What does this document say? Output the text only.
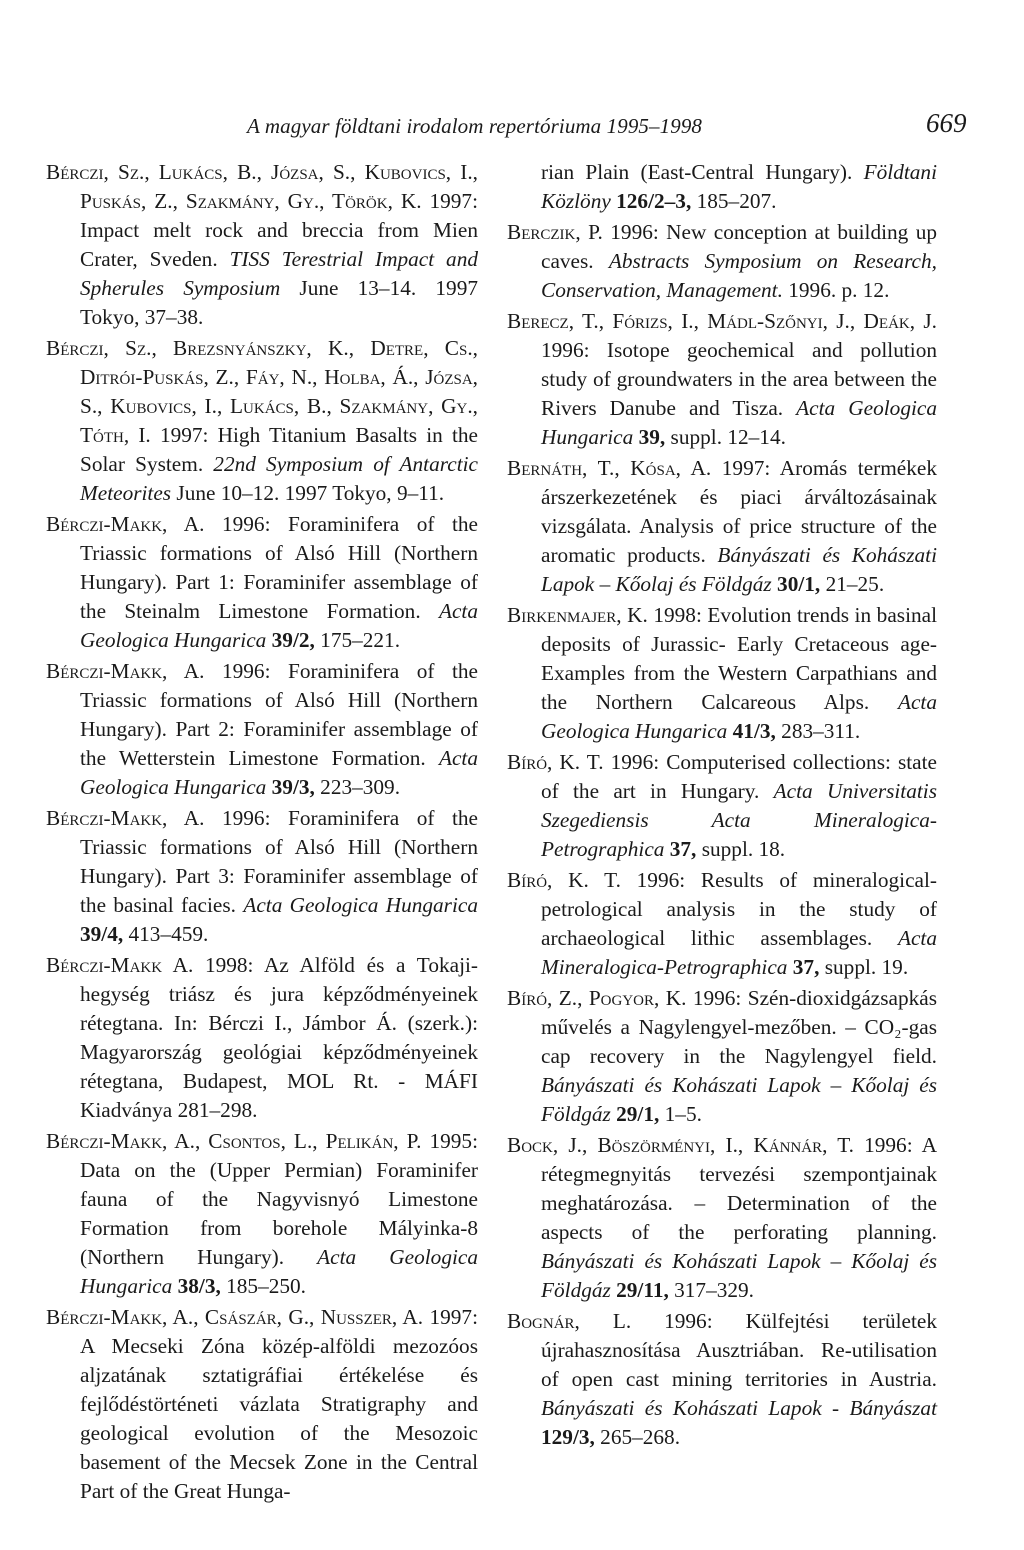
A magyar földtani irodalom repertóriuma 1995–1998	669

Bérczi, Sz., Lukács, B., Józsa, S., Kubovics, I., Puskás, Z., Szakmány, Gy., Török, K. 1997: Impact melt rock and breccia from Mien Crater, Sveden. TISS Terestrial Impact and Spherules Symposium June 13–14. 1997 Tokyo, 37–38.

Bérczi, Sz., Brezsnyánszky, K., Detre, Cs., Ditrói-Puskás, Z., Fáy, N., Holba, Á., Józsa, S., Kubovics, I., Lukács, B., Szakmány, Gy., Tóth, I. 1997: High Titanium Basalts in the Solar System. 22nd Symposium of Antarctic Meteorites June 10–12. 1997 Tokyo, 9–11.

Bérczi-Makk, A. 1996: Foraminifera of the Triassic formations of Alsó Hill (Northern Hungary). Part 1: Foraminifer assemblage of the Steinalm Limestone Formation. Acta Geologica Hungarica 39/2, 175–221.

Bérczi-Makk, A. 1996: Foraminifera of the Triassic formations of Alsó Hill (Northern Hungary). Part 2: Foraminifer assemblage of the Wetterstein Limestone Formation. Acta Geologica Hungarica 39/3, 223–309.

Bérczi-Makk, A. 1996: Foraminifera of the Triassic formations of Alsó Hill (Northern Hungary). Part 3: Foraminifer assemblage of the basinal facies. Acta Geologica Hungarica 39/4, 413–459.

Bérczi-Makk A. 1998: Az Alföld és a Tokaji-hegység triász és jura képződményeinek rétegtana. In: Bérczi I., Jámbor Á. (szerk.): Magyarország geológiai képződményeinek rétegtana, Budapest, MOL Rt. - MÁFI Kiadványa 281–298.

Bérczi-Makk, A., Csontos, L., Pelikán, P. 1995: Data on the (Upper Permian) Foraminifer fauna of the Nagyvisnyó Limestone Formation from borehole Mályinka-8 (Northern Hungary). Acta Geologica Hungarica 38/3, 185–250.

Bérczi-Makk, A., Császár, G., Nusszer, A. 1997: A Mecseki Zóna közép-alföldi mezozóos aljzatának sztatigráfiai értékelése és fejlődéstörténeti vázlata Stratigraphy and geological evolution of the Mesozoic basement of the Mecsek Zone in the Central Part of the Great Hunga-

rian Plain (East-Central Hungary). Földtani Közlöny 126/2–3, 185–207.

Berczik, P. 1996: New conception at building up caves. Abstracts Symposium on Research, Conservation, Management. 1996. p. 12.

Berecz, T., Fórizs, I., Mádl-Szőnyi, J., Deák, J. 1996: Isotope geochemical and pollution study of groundwaters in the area between the Rivers Danube and Tisza. Acta Geologica Hungarica 39, suppl. 12–14.

Bernáth, T., Kósa, A. 1997: Aromás termékek árszerkezetének és piaci árváltozásainak vizsgálata. Analysis of price structure of the aromatic products. Bányászati és Kohászati Lapok – Kőolaj és Földgáz 30/1, 21–25.

Birkenmajer, K. 1998: Evolution trends in basinal deposits of Jurassic- Early Cretaceous age- Examples from the Western Carpathians and the Northern Calcareous Alps. Acta Geologica Hungarica 41/3, 283–311.

Bíró, K. T. 1996: Computerised collections: state of the art in Hungary. Acta Universitatis Szegediensis Acta Mineralogica-Petrographica 37, suppl. 18.

Bíró, K. T. 1996: Results of mineralogical-petrological analysis in the study of archaeological lithic assemblages. Acta Mineralogica-Petrographica 37, suppl. 19.

Bíró, Z., Pogyor, K. 1996: Szén-dioxidgázsapkás művelés a Nagylengyel-mezőben. – CO₂-gas cap recovery in the Nagylengyel field. Bányászati és Kohászati Lapok – Kőolaj és Földgáz 29/1, 1–5.

Bock, J., Böszörményi, I., Kánnár, T. 1996: A rétegmegnyitás tervezési szempontjainak meghatározása. – Determination of the aspects of the perforating planning. Bányászati és Kohászati Lapok – Kőolaj és Földgáz 29/11, 317–329.

Bognár, L. 1996: Külfejtési területek újrahasznosítása Ausztriában. Re-utilisation of open cast mining territories in Austria. Bányászati és Kohászati Lapok - Bányászat 129/3, 265–268.
